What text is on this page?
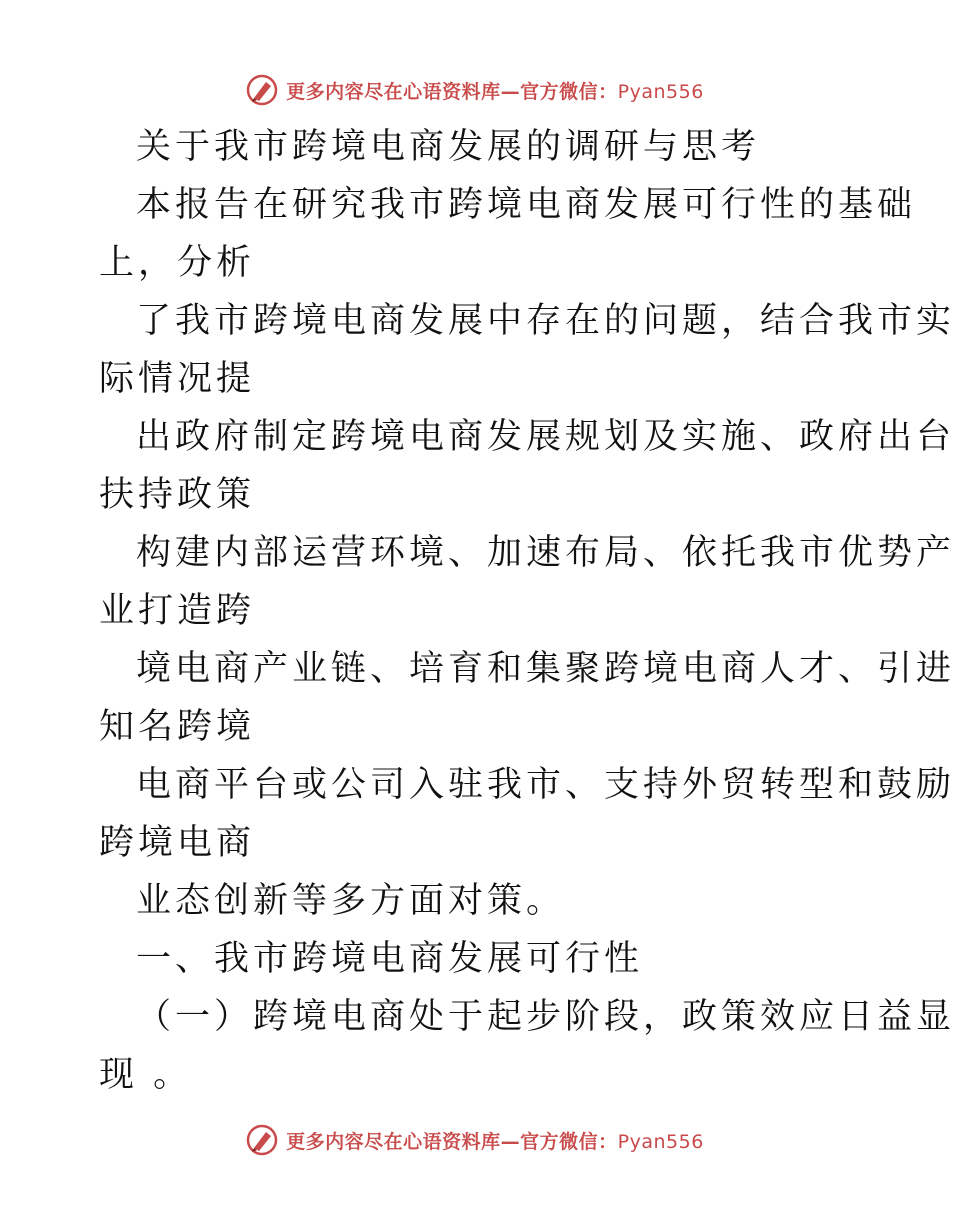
更多内容尽在心语资料库—官方微信：Pyan556
关于我市跨境电商发展的调研与思考
本报告在研究我市跨境电商发展可行性的基础
上，分析
了我市跨境电商发展中存在的问题，结合我市实
际情况提
出政府制定跨境电商发展规划及实施、政府出台
扶持政策
构建内部运营环境、加速布局、依托我市优势产
业打造跨
境电商产业链、培育和集聚跨境电商人才、引进
知名跨境
电商平台或公司入驻我市、支持外贸转型和鼓励
跨境电商
业态创新等多方面对策。
一、我市跨境电商发展可行性
（一）跨境电商处于起步阶段，政策效应日益显
现 。
更多内容尽在心语资料库—官方微信：Pyan556
